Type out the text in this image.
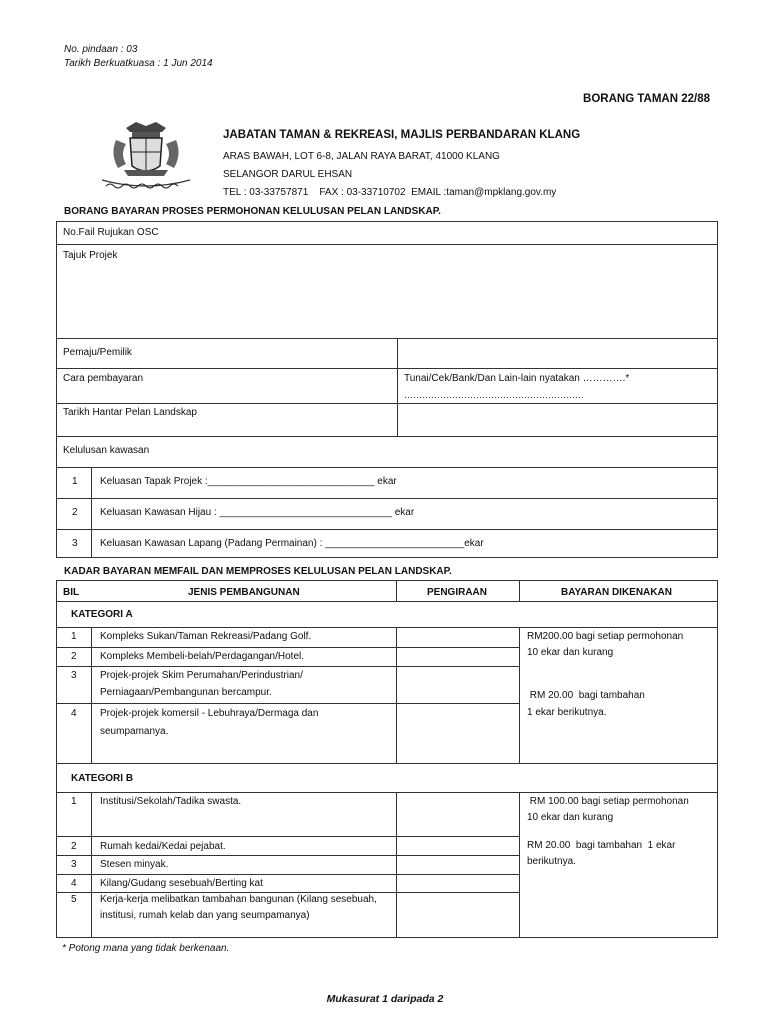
No. pindaan : 03
Tarikh Berkuatkuasa : 1 Jun 2014
BORANG TAMAN 22/88
JABATAN TAMAN & REKREASI, MAJLIS PERBANDARAN KLANG
ARAS BAWAH, LOT 6-8, JALAN RAYA BARAT, 41000 KLANG
SELANGOR DARUL EHSAN
TEL : 03-33757871    FAX : 03-33710702  EMAIL :taman@mpklang.gov.my
BORANG BAYARAN PROSES PERMOHONAN KELULUSAN PELAN LANDSKAP.
No.Fail Rujukan OSC
Tajuk Projek
Pemaju/Pemilik
Cara pembayaran	Tunai/Cek/Bank/Dan Lain-lain nyatakan ………….*
……………………………………………………
Tarikh Hantar Pelan Landskap
Kelulusan kawasan
1 Keluasan Tapak Projek :______________________________ ekar
2 Keluasan Kawasan Hijau : _______________________________ ekar
3 Keluasan Kawasan Lapang (Padang Permainan) : _________________________ekar
KADAR BAYARAN MEMFAIL DAN MEMPROSES KELULUSAN PELAN LANDSKAP.
BIL	JENIS PEMBANGUNAN	PENGIRAAN	BAYARAN DIKENAKAN
KATEGORI A
1 Kompleks Sukan/Taman Rekreasi/Padang Golf.
2 Kompleks Membeli-belah/Perdagangan/Hotel.
3 Projek-projek Skim Perumahan/Perindustrian/
Perniagaan/Pembangunan bercampur.
4 Projek-projek komersil - Lebuhraya/Dermaga dan
seumpamanya.
RM200.00 bagi setiap permohonan
10 ekar dan kurang
RM 20.00  bagi tambahan
1 ekar berikutnya.
KATEGORI B
1 Institusi/Sekolah/Tadika swasta.
2 Rumah kedai/Kedai pejabat.
3 Stesen minyak.
4 Kilang/Gudang sesebuah/Berting kat
5 Kerja-kerja melibatkan tambahan bangunan (Kilang sesebuah,
institusi, rumah kelab dan yang seumpamanya)
RM 100.00 bagi setiap permohonan
10 ekar dan kurang
RM 20.00  bagi tambahan  1 ekar
berikutnya.
* Potong mana yang tidak berkenaan.
Mukasurat 1 daripada 2
